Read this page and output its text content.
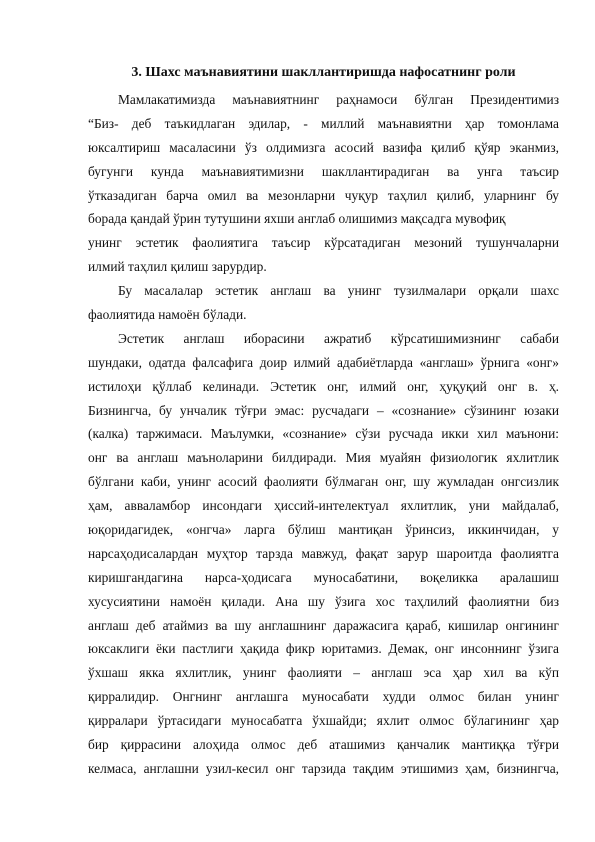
3. Шахс маънавиятини шакллантиришда нафосатнинг роли
Мамлакатимизда маънавиятнинг раҳнамоси бўлган Президентимиз
“Биз- деб таъкидлаган эдилар, - миллий маънавиятни ҳар томонлама
юксалтириш масаласини ўз олдимизга асосий вазифа қилиб қўяр эканмиз,
бугунги кунда маънавиятимизни шакллантирадиган ва унга таъсир
ўтказадиган барча омил ва мезонларни чуқур таҳлил қилиб, уларнинг бу
борада қандай ўрин тутушини яхши англаб олишимиз мақсадга мувофиқ
унинг эстетик фаолиятига таъсир кўрсатадиган мезоний тушунчаларни
илмий таҳлил қилиш зарурдир.
Бу масалалар эстетик англаш ва унинг тузилмалари орқали шахс
фаолиятида намоён бўлади.
Эстетик англаш иборасини ажратиб кўрсатишимизнинг сабаби
шундаки, одатда фалсафига доир илмий адабиётларда «англаш» ўрнига «онг»
истилоҳи қўллаб келинади. Эстетик онг, илмий онг, ҳуқуқий онг в. ҳ.
Бизнингча, бу унчалик тўғри эмас: русчадаги – «сознание» сўзининг юзаки
(калка) таржимаси. Маълумки, «сознание» сўзи русчада икки хил маънони:
онг ва англаш маъноларини билдиради. Мия муайян физиологик яхлитлик
бўлгани каби, унинг асосий фаолияти бўлмаган онг, шу жумладан онгсизлик
ҳам, авваламбор инсондаги ҳиссий-интелектуал яхлитлик, уни майдалаб,
юқоридагидек, «онгча» ларга бўлиш мантиқан ўринсиз, иккинчидан, у
нарсаҳодисалардан муҳтор тарзда мавжуд, фақат зарур шароитда фаолиятга
киришгандагина нарса-ҳодисага муносабатини, воқеликка аралашиш
хусусиятини намоён қилади. Ана шу ўзига хос таҳлилий фаолиятни биз
англаш деб атаймиз ва шу англашнинг даражасига қараб, кишилар онгининг
юксаклиги ёки пастлиги ҳақида фикр юритамиз. Демак, онг инсоннинг ўзига
ўхшаш якка яхлитлик, унинг фаолияти – англаш эса ҳар хил ва кўп
қирралидир. Онгнинг англашга муносабати худди олмос билан унинг
қирралари ўртасидаги муносабатга ўхшайди; яхлит олмос бўлагининг ҳар
бир қиррасини алоҳида олмос деб аташимиз қанчалик мантиққа тўғри
келмаса, англашни узил-кесил онг тарзида тақдим этишимиз ҳам, бизнингча,
